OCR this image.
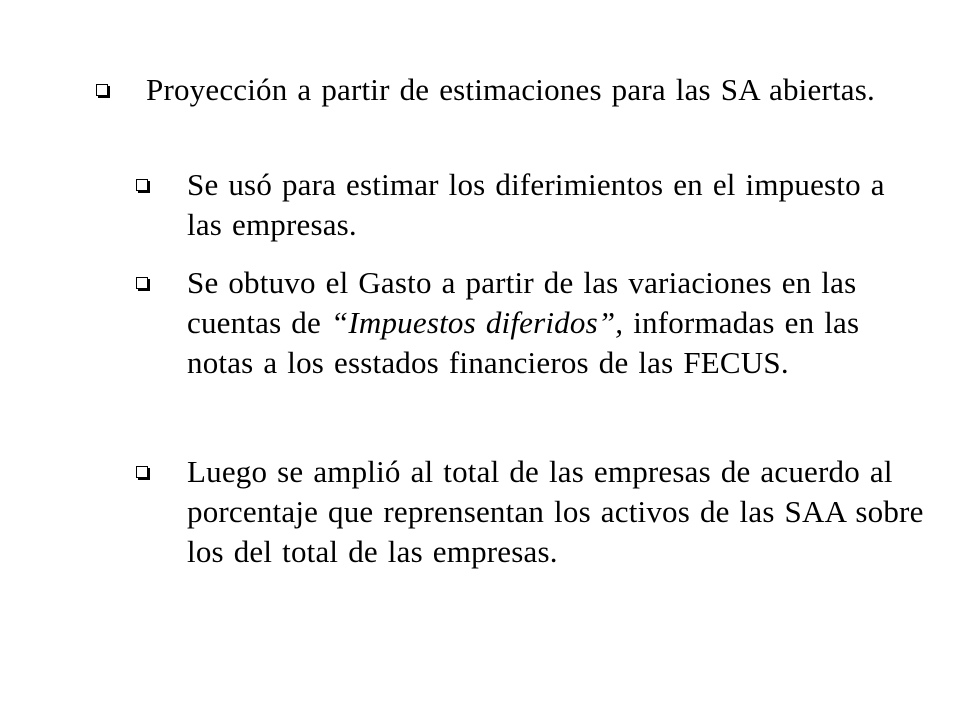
Proyección a partir de estimaciones para las SA abiertas.
Se usó para estimar los diferimientos en el impuesto a las empresas.
Se obtuvo el Gasto a partir de las variaciones en las cuentas de “Impuestos diferidos”, informadas en las notas a los esstados financieros de las FECUS.
Luego se amplió al total de las empresas de acuerdo al porcentaje que reprensentan los activos de las SAA sobre los del total de las empresas.
